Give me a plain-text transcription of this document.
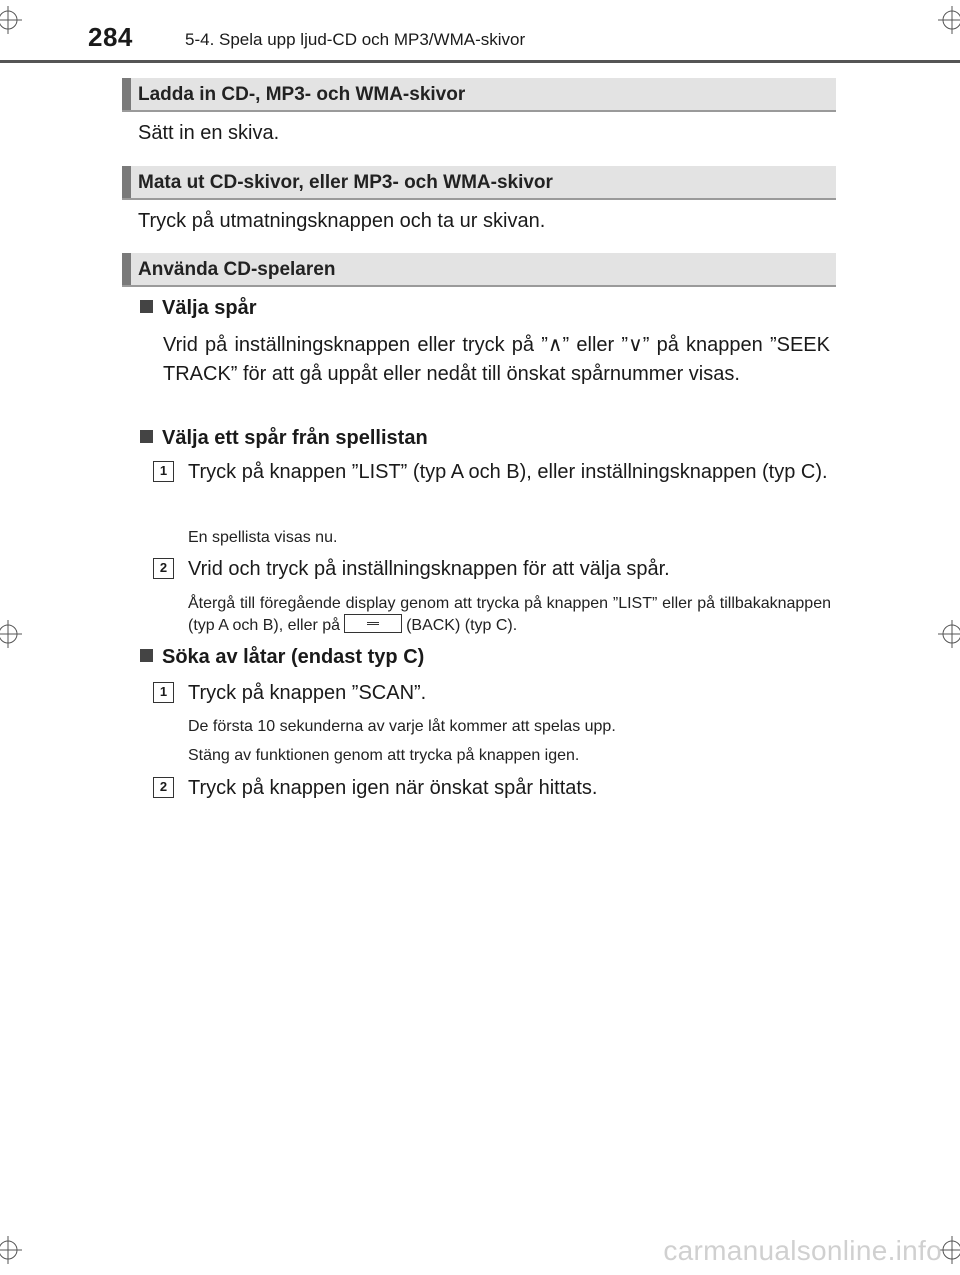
284	5-4. Spela upp ljud-CD och MP3/WMA-skivor
Ladda in CD-, MP3- och WMA-skivor
Sätt in en skiva.
Mata ut CD-skivor, eller MP3- och WMA-skivor
Tryck på utmatningsknappen och ta ur skivan.
Använda CD-spelaren
Välja spår
Vrid på inställningsknappen eller tryck på ”∧” eller ”∨” på knappen ”SEEK TRACK” för att gå uppåt eller nedåt till önskat spårnummer visas.
Välja ett spår från spellistan
1	Tryck på knappen ”LIST” (typ A och B), eller inställningsknappen (typ C).
En spellista visas nu.
2	Vrid och tryck på inställningsknappen för att välja spår.
Återgå till föregående display genom att trycka på knappen ”LIST” eller på tillbakaknappen (typ A och B), eller på	(BACK) (typ C).
Söka av låtar (endast typ C)
1	Tryck på knappen ”SCAN”.
De första 10 sekunderna av varje låt kommer att spelas upp.
Stäng av funktionen genom att trycka på knappen igen.
2	Tryck på knappen igen när önskat spår hittats.
carmanualsonline.info
